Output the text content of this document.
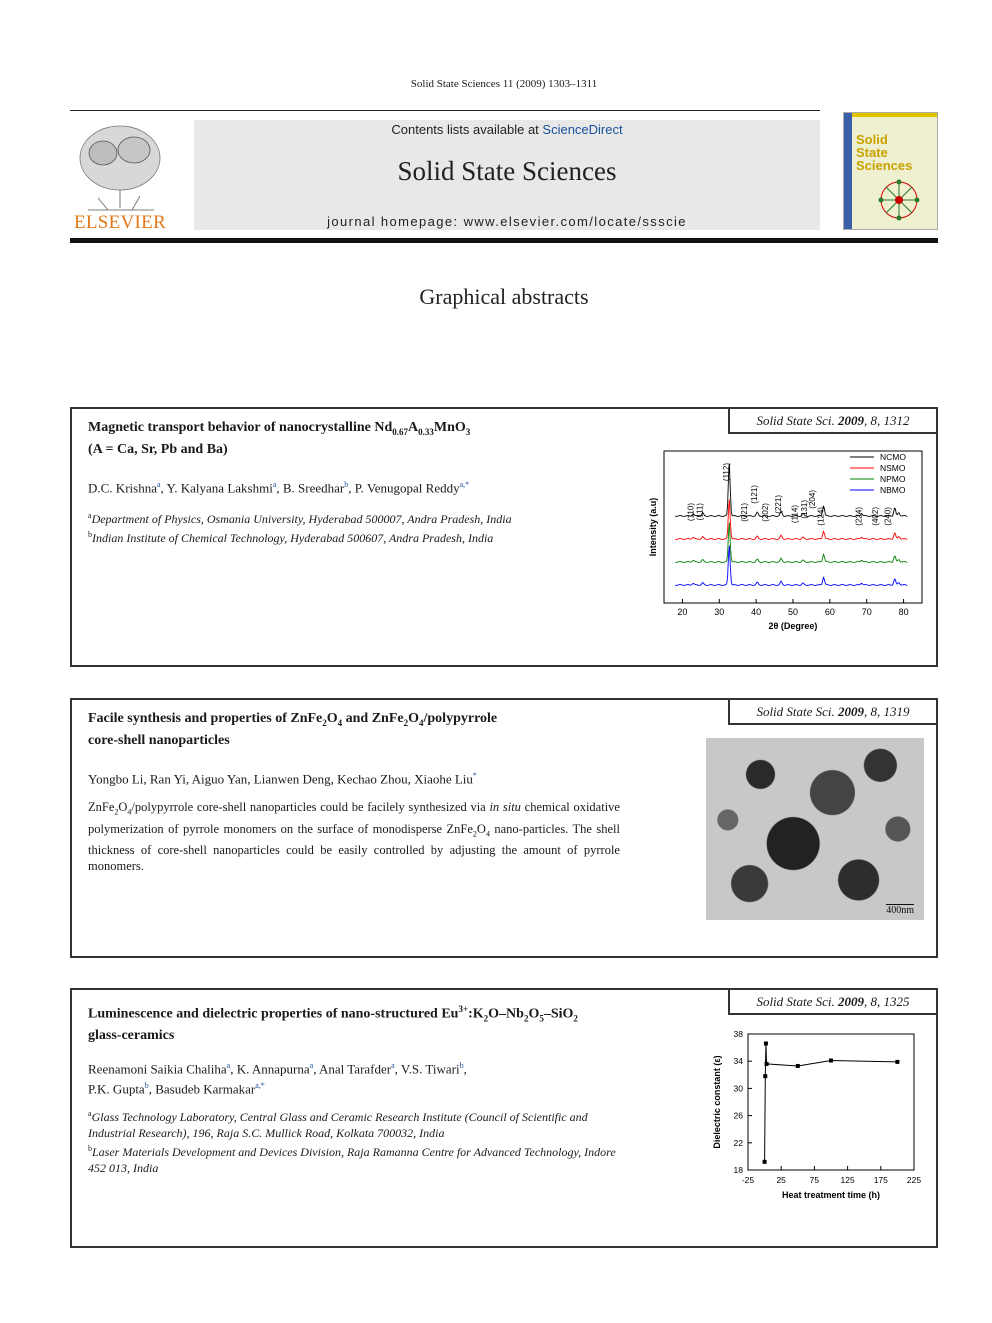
Solid State Sciences 11 (2009) 1303–1311
ELSEVIER
Contents lists available at ScienceDirect
Solid State Sciences
journal homepage: www.elsevier.com/locate/ssscie
Solid
State
Sciences
Graphical abstracts
Solid State Sci. 2009, 8, 1312
Magnetic transport behavior of nanocrystalline $Nd_{0.67}A_{0.33}MnO_3$
(A = Ca, Sr, Pb and Ba)
D.C. Krishna$^a$, Y. Kalyana Lakshmi$^a$, B. Sreedhar$^b$, P. Venugopal Reddy$^{a,*}$
$^a$Department of Physics, Osmania University, Hyderabad 500007, Andra Pradesh, India
$^b$Indian Institute of Chemical Technology, Hyderabad 500607, Andra Pradesh, India
20	30	40	50	60	70	80
2θ (Degree)
Intensity (a.u)
NCMO
NSMO
NPMO
NBMO
(110) (111)
(112)
(021)
(121)
(202) (221)
(114) (131)
(204)
(124)	(224) (402) (240)
Solid State Sci. 2009, 8, 1319
Facile synthesis and properties of $ZnFe_2O_4$ and $ZnFe_2O_4$/polypyrrole
core-shell nanoparticles
Yongbo Li, Ran Yi, Aiguo Yan, Lianwen Deng, Kechao Zhou, Xiaohe Liu*
$ZnFe_2O_4$/polypyrrole core-shell nanoparticles could be facilely synthesized via in situ chemical oxidative polymerization of pyrrole monomers on the surface of monodisperse $ZnFe_2O_4$ nano-particles. The shell thickness of core-shell nanoparticles could be easily controlled by adjusting the amount of pyrrole monomers.
400nm
Solid State Sci. 2009, 8, 1325
Luminescence and dielectric properties of nano-structured $Eu^{3+}:K_2O-Nb_2O_5-SiO_2$
glass-ceramics
Reenamoni Saikia Chaliha$^a$, K. Annapurna$^a$, Anal Tarafder$^a$, V.S. Tiwari$^b$,
P.K. Gupta$^b$, Basudeb Karmakar$^{a,*}$
$^a$Glass Technology Laboratory, Central Glass and Ceramic Research Institute (Council of Scientific and Industrial Research), 196, Raja S.C. Mullick Road, Kolkata 700032, India
$^b$Laser Materials Development and Devices Division, Raja Ramanna Centre for Advanced Technology, Indore 452 013, India
-25	25	75	125 175 225
18
22
26
30
34
38
Heat treatment time (h)
Dielectric constant (ε)
